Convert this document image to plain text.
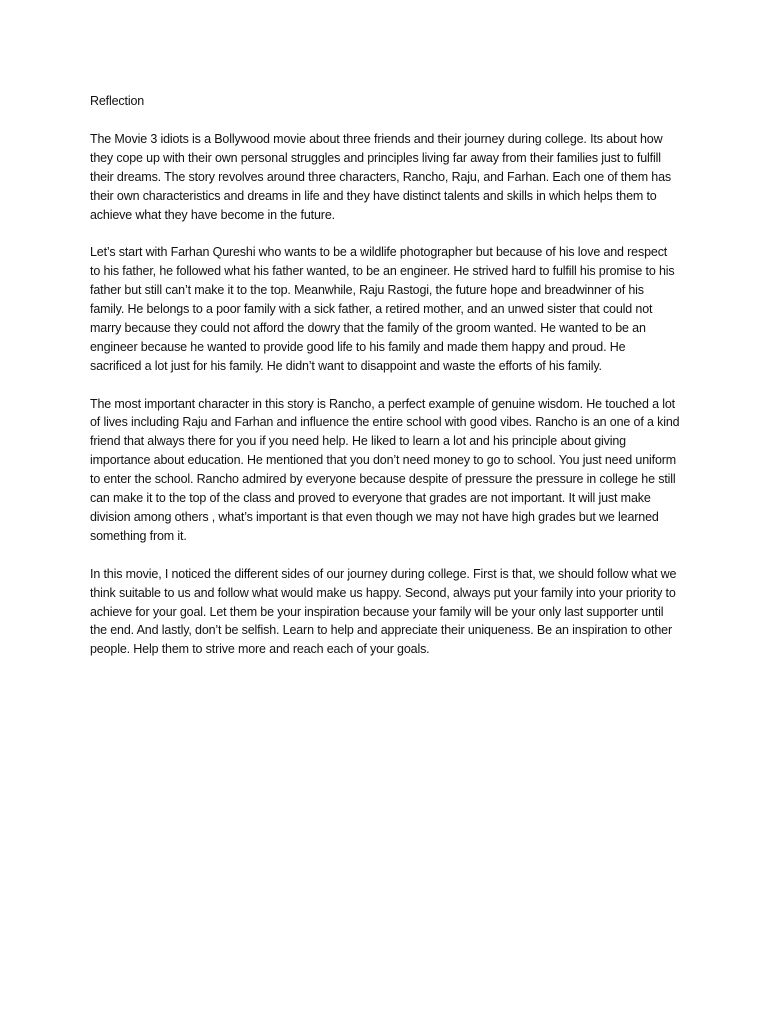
Reflection

The Movie 3 idiots is a Bollywood movie about three friends and their journey during college. Its about how they cope up with their own personal struggles and principles living far away from their families just to fulfill their dreams. The story revolves around three characters, Rancho, Raju, and Farhan. Each one of them has their own characteristics and dreams in life and they have distinct talents and skills in which helps them to achieve what they have become in the future.

Let’s start with Farhan Qureshi who wants to be a wildlife photographer but because of his love and respect to his father, he followed what his father wanted, to be an engineer. He strived hard to fulfill his promise to his father but still can’t make it to the top. Meanwhile, Raju Rastogi, the future hope and breadwinner of his family. He belongs to a poor family with a sick father, a retired mother, and an unwed sister that could not marry because they could not afford the dowry that the family of the groom wanted. He wanted to be an engineer because he wanted to provide good life to his family and made them happy and proud. He sacrificed a lot just for his family. He didn’t want to disappoint and waste the efforts of his family.

The most important character in this story is Rancho, a perfect example of genuine wisdom. He touched a lot of lives including Raju and Farhan and influence the entire school with good vibes. Rancho is an one of a kind friend that always there for you if you need help. He liked to learn a lot and his principle about giving importance about education. He mentioned that you don’t need money to go to school. You just need uniform to enter the school. Rancho admired by everyone because despite of pressure the pressure in college he still can make it to the top of the class and proved to everyone that grades are not important. It will just make division among others , what’s important is that even though we may not have high grades but we learned something from it.

In this movie, I noticed the different sides of our journey during college. First is that, we should follow what we think suitable to us and follow what would make us happy. Second, always put your family into your priority to achieve for your goal. Let them be your inspiration because your family will be your only last supporter until the end. And lastly, don’t be selfish. Learn to help and appreciate their uniqueness. Be an inspiration to other people. Help them to strive more and reach each of your goals.
